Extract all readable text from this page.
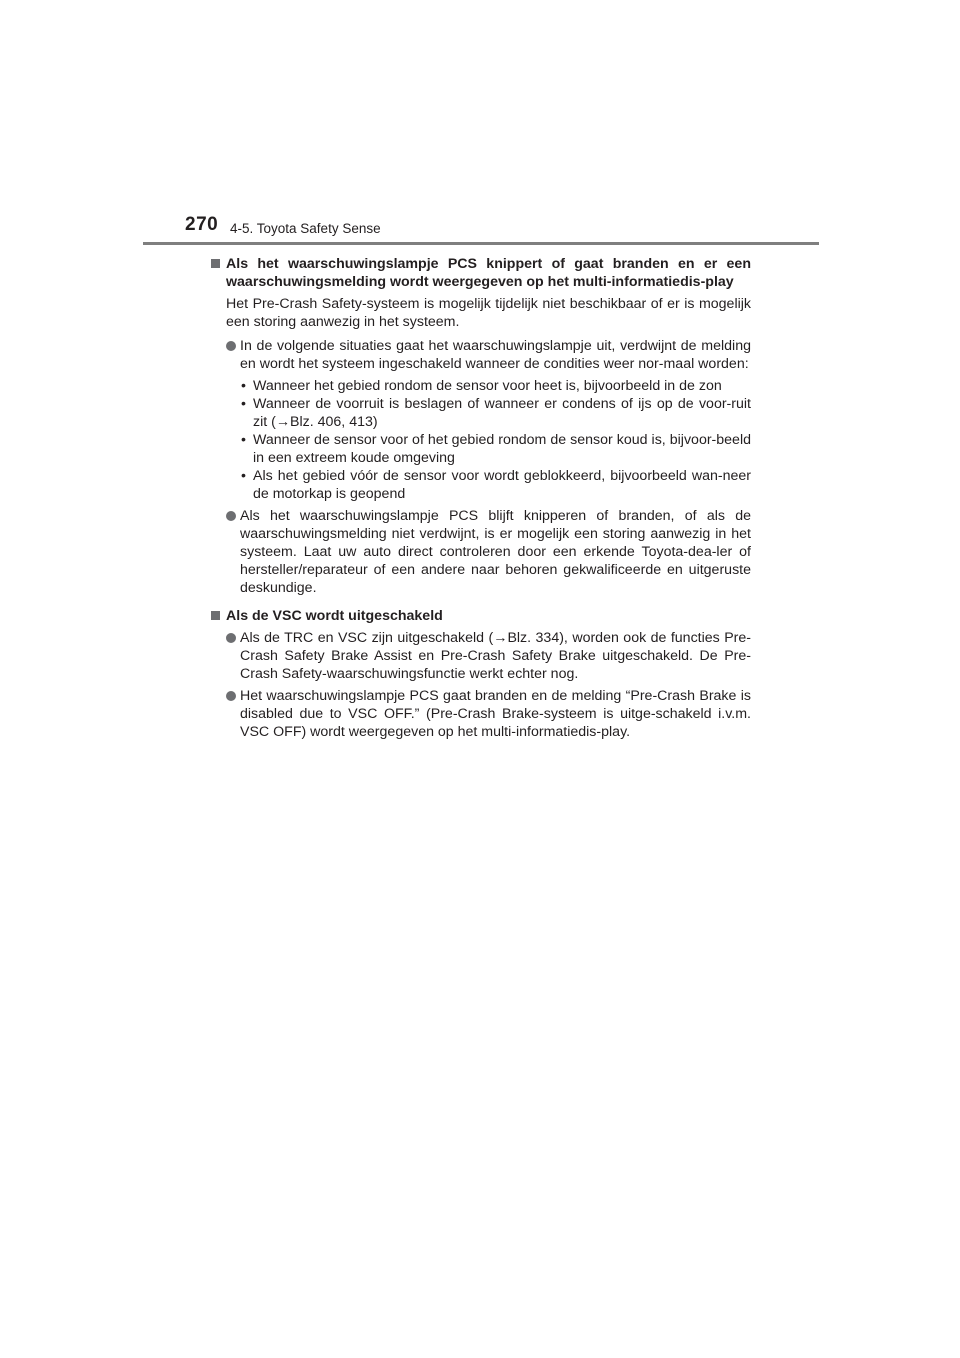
270 4-5. Toyota Safety Sense
Als het waarschuwingslampje PCS knippert of gaat branden en er een waarschuwingsmelding wordt weergegeven op het multi-informatiedis-play
Het Pre-Crash Safety-systeem is mogelijk tijdelijk niet beschikbaar of er is mogelijk een storing aanwezig in het systeem.
In de volgende situaties gaat het waarschuwingslampje uit, verdwijnt de melding en wordt het systeem ingeschakeld wanneer de condities weer nor-maal worden:
• Wanneer het gebied rondom de sensor voor heet is, bijvoorbeeld in de zon
• Wanneer de voorruit is beslagen of wanneer er condens of ijs op de voor-ruit zit (→Blz. 406, 413)
• Wanneer de sensor voor of het gebied rondom de sensor koud is, bijvoor-beeld in een extreem koude omgeving
• Als het gebied vóór de sensor voor wordt geblokkeerd, bijvoorbeeld wan-neer de motorkap is geopend
Als het waarschuwingslampje PCS blijft knipperen of branden, of als de waarschuwingsmelding niet verdwijnt, is er mogelijk een storing aanwezig in het systeem. Laat uw auto direct controleren door een erkende Toyota-dea-ler of hersteller/reparateur of een andere naar behoren gekwalificeerde en uitgeruste deskundige.
Als de VSC wordt uitgeschakeld
Als de TRC en VSC zijn uitgeschakeld (→Blz. 334), worden ook de functies Pre-Crash Safety Brake Assist en Pre-Crash Safety Brake uitgeschakeld. De Pre-Crash Safety-waarschuwingsfunctie werkt echter nog.
Het waarschuwingslampje PCS gaat branden en de melding “Pre-Crash Brake is disabled due to VSC OFF.” (Pre-Crash Brake-systeem is uitge-schakeld i.v.m. VSC OFF) wordt weergegeven op het multi-informatiedis-play.
